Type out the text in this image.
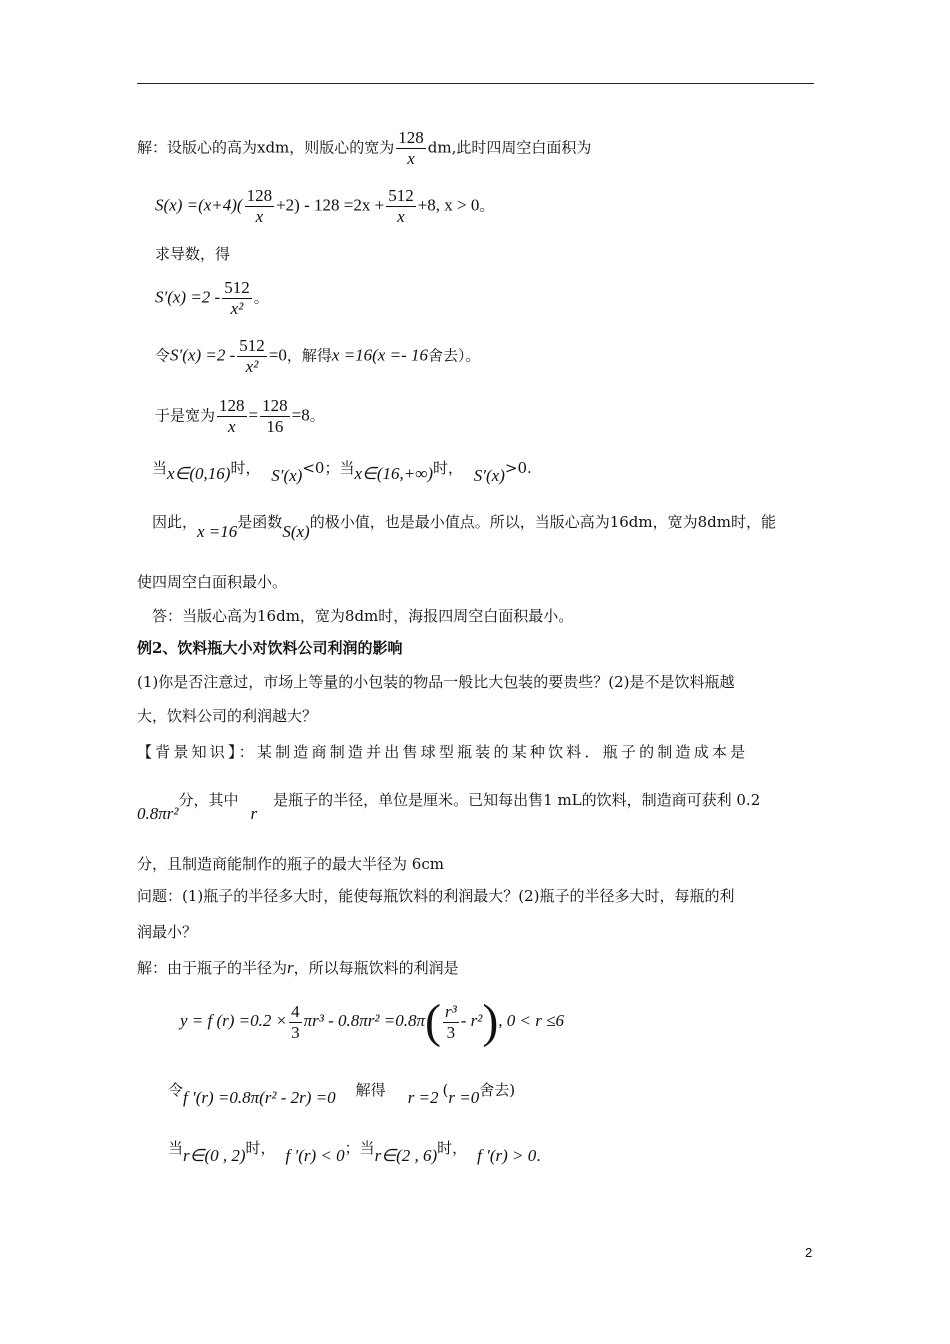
解：设版心的高为xdm，则版心的宽为 $\frac{128}{x}$ dm,此时四周空白面积为
$S(x) =(x+4)( \frac{128}{x} +2) - 128 =2x + \frac{512}{x} +8$, x > 0。
求导数，得
$S'(x) =2 - \frac{512}{\text{x²}}$ 。
令$S'(x) =2 - \frac{512}{\text{x²}} =0$，解得x =16(x =- 16舍去）。
于是宽为 $\frac{128}{x} = \frac{128}{16} =8$。
当x∈(0,16)时， S′(x)<0；当x∈(16,+∞)时， S′(x)>0.
因此，x =16是函数S(x)的极小值，也是最小值点。所以，当版心高为16dm，宽为8dm时，能
使四周空白面积最小。
答：当版心高为16dm，宽为8dm时，海报四周空白面积最小。
例2、饮料瓶大小对饮料公司利润的影响
(1)你是否注意过，市场上等量的小包装的物品一般比大包装的要贵些？(2)是不是饮料瓶越
大，饮料公司的利润越大？
【背景知识】：某制造商制造并出售球型瓶装的某种饮料．瓶子的制造成本是
0.8πr²分，其中r是瓶子的半径，单位是厘米。已知每出售1 mL的饮料，制造商可获利 0.2
分，且制造商能制作的瓶子的最大半径为 6cm
问题：(1)瓶子的半径多大时，能使每瓶饮料的利润最大？(2)瓶子的半径多大时，每瓶的利
润最小？
解：由于瓶子的半径为r，所以每瓶饮料的利润是
y = f $(r) =0.2 \times \frac{4}{3} \pi r^3 - 0.8\pi r^2 =0.8\pi( \frac{\text{r³}}{3} - r^2)$, 0 < r ≤6
令f ′(r) =0.8π(r² - 2r) =0 解得 r =2 (r =0舍去)
当r∈(0 , 2)时， f ′(r) < 0；当r∈(2 , 6)时， f ′(r) > 0.
2
